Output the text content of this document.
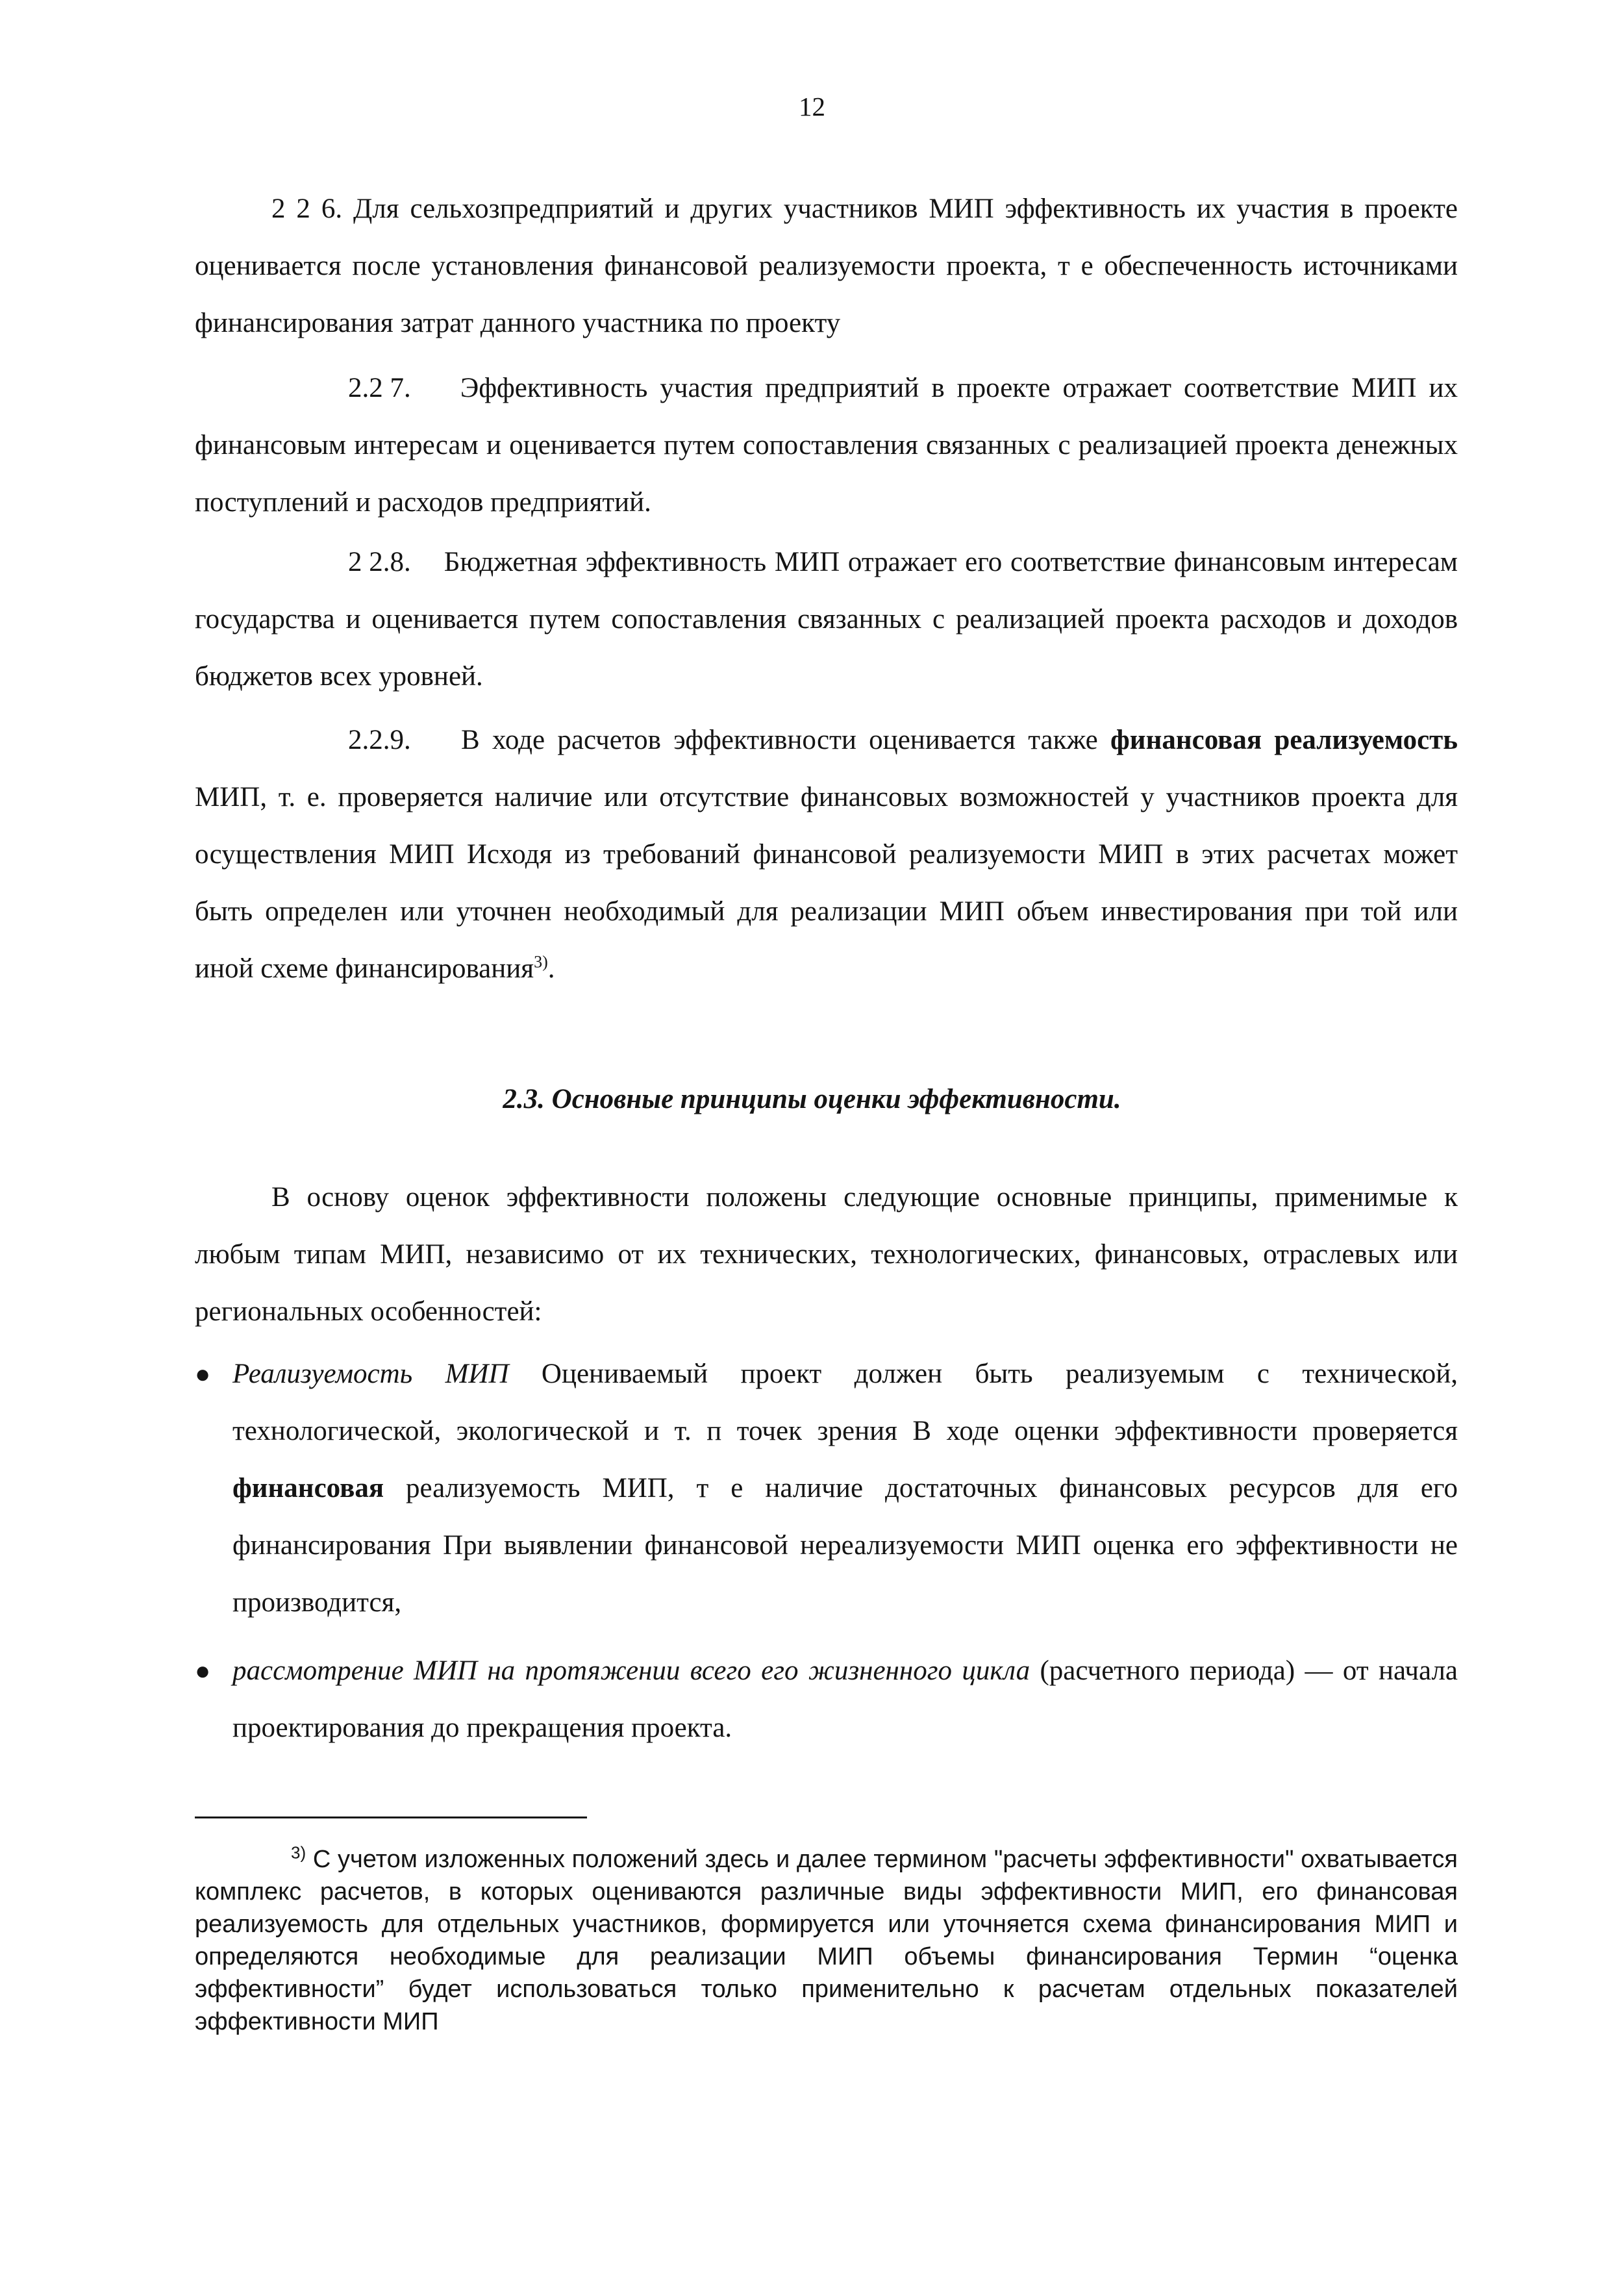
12

2 2 6. Для сельхозпредприятий и других участников МИП эффективность их участия в проекте оценивается после установления финансовой реализуемости проекта, т е обеспеченность источниками финансирования затрат данного участника по проекту

2.2 7. Эффективность участия предприятий в проекте отражает соответствие МИП их финансовым интересам и оценивается путем сопоставления связанных с реализацией проекта денежных поступлений и расходов предприятий.

2 2.8. Бюджетная эффективность МИП отражает его соответствие финансовым интересам государства и оценивается путем сопоставления связанных с реализацией проекта расходов и доходов бюджетов всех уровней.

2.2.9. В ходе расчетов эффективности оценивается также финансовая реализуемость МИП, т. е. проверяется наличие или отсутствие финансовых возможностей у участников проекта для осуществления МИП Исходя из требований финансовой реализуемости МИП в этих расчетах может быть определен или уточнен необходимый для реализации МИП объем инвестирования при той или иной схеме финансирования$^{3)}$.

2.3. Основные принципы оценки эффективности.

В основу оценок эффективности положены следующие основные принципы, применимые к любым типам МИП, независимо от их технических, технологических, финансовых, отраслевых или региональных особенностей:

● Реализуемость МИП Оцениваемый проект должен быть реализуемым с технической, технологической, экологической и т. п точек зрения В ходе оценки эффективности проверяется финансовая реализуемость МИП, т е наличие достаточных финансовых ресурсов для его финансирования При выявлении финансовой нереализуемости МИП оценка его эффективности не производится,
● рассмотрение МИП на протяжении всего его жизненного цикла (расчетного периода) — от начала проектирования до прекращения проекта.

$^{3)}$ С учетом изложенных положений здесь и далее термином "расчеты эффективности" охватывается комплекс расчетов, в которых оцениваются различные виды эффективности МИП, его финансовая реализуемость для отдельных участников, формируется или уточняется схема финансирования МИП и определяются необходимые для реализации МИП объемы финансирования Термин “оценка эффективности” будет использоваться только применительно к расчетам отдельных показателей эффективности МИП
